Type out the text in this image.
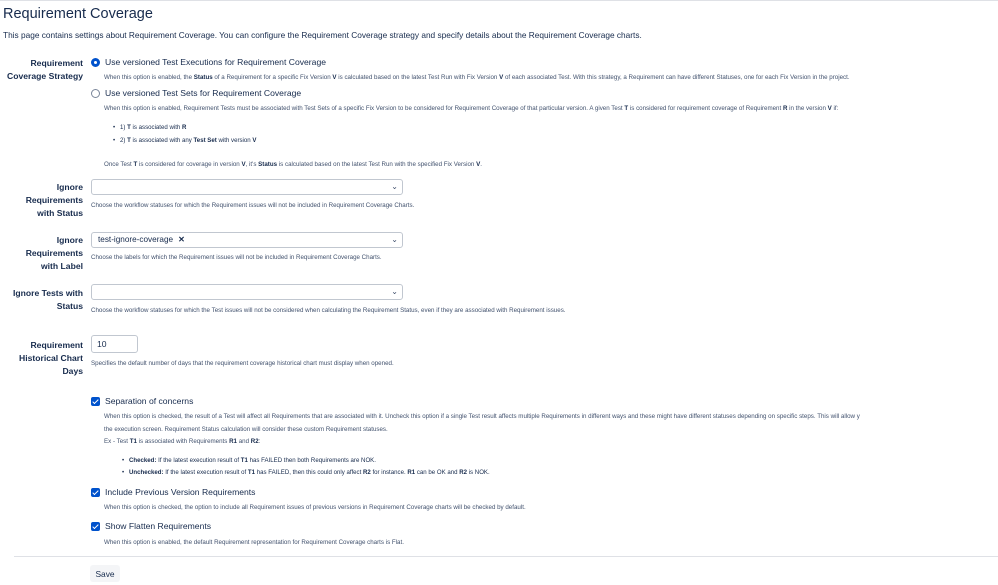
Requirement Coverage
This page contains settings about Requirement Coverage. You can configure the Requirement Coverage strategy and specify details about the Requirement Coverage charts.
Requirement
Coverage Strategy
Use versioned Test Executions for Requirement Coverage
When this option is enabled, the Status of a Requirement for a specific Fix Version V is calculated based on the latest Test Run with Fix Version V of each associated Test. With this strategy, a Requirement can have different Statuses, one for each Fix Version in the project.
Use versioned Test Sets for Requirement Coverage
When this option is enabled, Requirement Tests must be associated with Test Sets of a specific Fix Version to be considered for Requirement Coverage of that particular version. A given Test T is considered for requirement coverage of Requirement R in the version V if:
• 1) T is associated with R
• 2) T is associated with any Test Set with version V
Once Test T is considered for coverage in version V, it's Status is calculated based on the latest Test Run with the specified Fix Version V.
Ignore Requirements
with Status
⌄
Choose the workflow statuses for which the Requirement issues will not be included in Requirement Coverage Charts.
Ignore Requirements
with Label
test-ignore-coverage ✕	⌄
Choose the labels for which the Requirement issues will not be included in Requirement Coverage Charts.
Ignore Tests with
Status
⌄
Choose the workflow statuses for which the Test issues will not be considered when calculating the Requirement Status, even if they are associated with Requirement issues.
Requirement
Historical Chart
Days
10
Specifies the default number of days that the requirement coverage historical chart must display when opened.
Separation of concerns
When this option is checked, the result of a Test will affect all Requirements that are associated with it. Uncheck this option if a single Test result affects multiple Requirements in different ways and these might have different statuses depending on specific steps. This will allow y
the execution screen. Requirement Status calculation will consider these custom Requirement statuses.
Ex - Test T1 is associated with Requirements R1 and R2:
• Checked: If the latest execution result of T1 has FAILED then both Requirements are NOK.
• Unchecked: If the latest execution result of T1 has FAILED, then this could only affect R2 for instance. R1 can be OK and R2 is NOK.
Include Previous Version Requirements
When this option is checked, the option to include all Requirement issues of previous versions in Requirement Coverage charts will be checked by default.
Show Flatten Requirements
When this option is enabled, the default Requirement representation for Requirement Coverage charts is Flat.
Save
